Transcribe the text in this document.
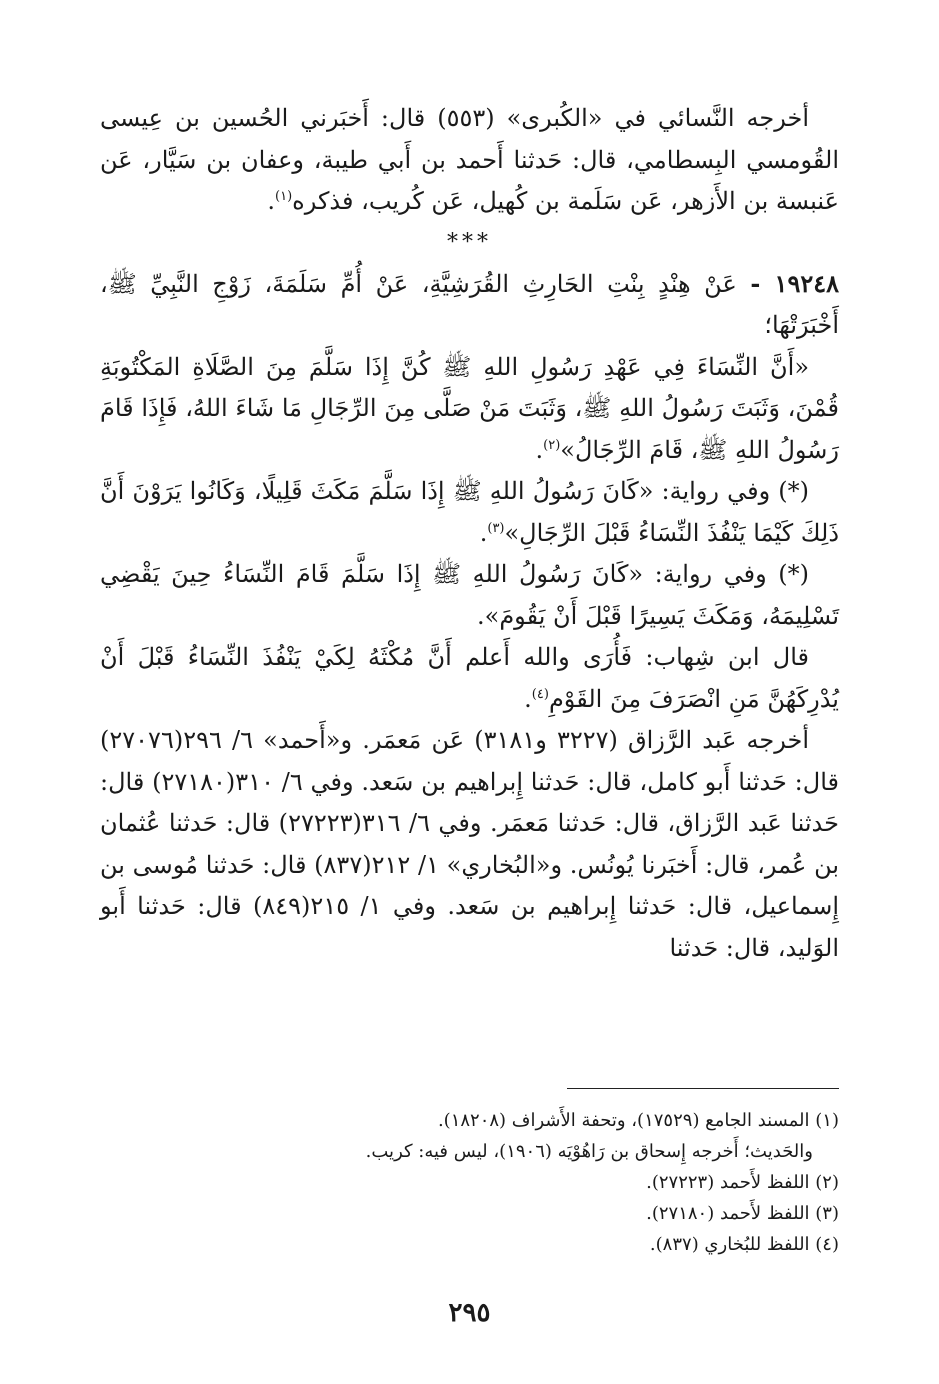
أخرجه النَّسائي في «الكُبرى» (٥٥٣) قال: أَخبَرني الحُسين بن عِيسى القُومسي البِسطامي، قال: حَدثنا أَحمد بن أَبي طيبة، وعفان بن سَيَّار، عَن عَنبسة بن الأَزهر، عَن سَلَمة بن كُهيل، عَن كُريب، فذكره$^{(١)}$.

***

١٩٢٤٨ - عَنْ هِنْدٍ بِنْتِ الحَارِثِ القُرَشِيَّةِ، عَنْ أُمِّ سَلَمَةَ، زَوْجِ النَّبِيِّ ﷺ، أَخْبَرَتْهَا؛

«أَنَّ النِّسَاءَ فِي عَهْدِ رَسُولِ اللهِ ﷺ كُنَّ إِذَا سَلَّمَ مِنَ الصَّلَاةِ المَكْتُوبَةِ قُمْنَ، وَثَبَتَ رَسُولُ اللهِ ﷺ، وَثَبَتَ مَنْ صَلَّى مِنَ الرِّجَالِ مَا شَاءَ اللهُ، فَإِذَا قَامَ رَسُولُ اللهِ ﷺ، قَامَ الرِّجَالُ»$^{(٢)}$.

(*) وفي رواية: «كَانَ رَسُولُ اللهِ ﷺ إِذَا سَلَّمَ مَكَثَ قَلِيلًا، وَكَانُوا يَرَوْنَ أَنَّ ذَلِكَ كَيْمَا يَنْفُذَ النِّسَاءُ قَبْلَ الرِّجَالِ»$^{(٣)}$.

(*) وفي رواية: «كَانَ رَسُولُ اللهِ ﷺ إِذَا سَلَّمَ قَامَ النِّسَاءُ حِينَ يَقْضِي تَسْلِيمَهُ، وَمَكَثَ يَسِيرًا قَبْلَ أَنْ يَقُومَ».

قال ابن شِهاب: فَأُرَى والله أَعلم أَنَّ مُكْثَهُ لِكَيْ يَنْفُذَ النِّسَاءُ قَبْلَ أَنْ يُدْرِكَهُنَّ مَنِ انْصَرَفَ مِنَ القَوْمِ$^{(٤)}$.

أخرجه عَبد الرَّزاق (٣٢٢٧ و٣١٨١) عَن مَعمَر. و«أَحمد» ٦/ ٢٩٦(٢٧٠٧٦) قال: حَدثنا أَبو كامل، قال: حَدثنا إِبراهيم بن سَعد. وفي ٦/ ٣١٠(٢٧١٨٠) قال: حَدثنا عَبد الرَّزاق، قال: حَدثنا مَعمَر. وفي ٦/ ٣١٦(٢٧٢٢٣) قال: حَدثنا عُثمان بن عُمر، قال: أَخبَرنا يُونُس. و«البُخاري» ١/ ٢١٢(٨٣٧) قال: حَدثنا مُوسى بن إِسماعيل، قال: حَدثنا إِبراهيم بن سَعد. وفي ١/ ٢١٥(٨٤٩) قال: حَدثنا أَبو الوَليد، قال: حَدثنا

(١) المسند الجامع (١٧٥٢٩)، وتحفة الأَشراف (١٨٢٠٨).

والحَديث؛ أَخرجه إِسحاق بن رَاهُوْيَه (١٩٠٦)، ليس فيه: كريب.

(٢) اللفظ لأَحمد (٢٧٢٢٣).

(٣) اللفظ لأَحمد (٢٧١٨٠).

(٤) اللفظ للبُخاري (٨٣٧).

٢٩٥
